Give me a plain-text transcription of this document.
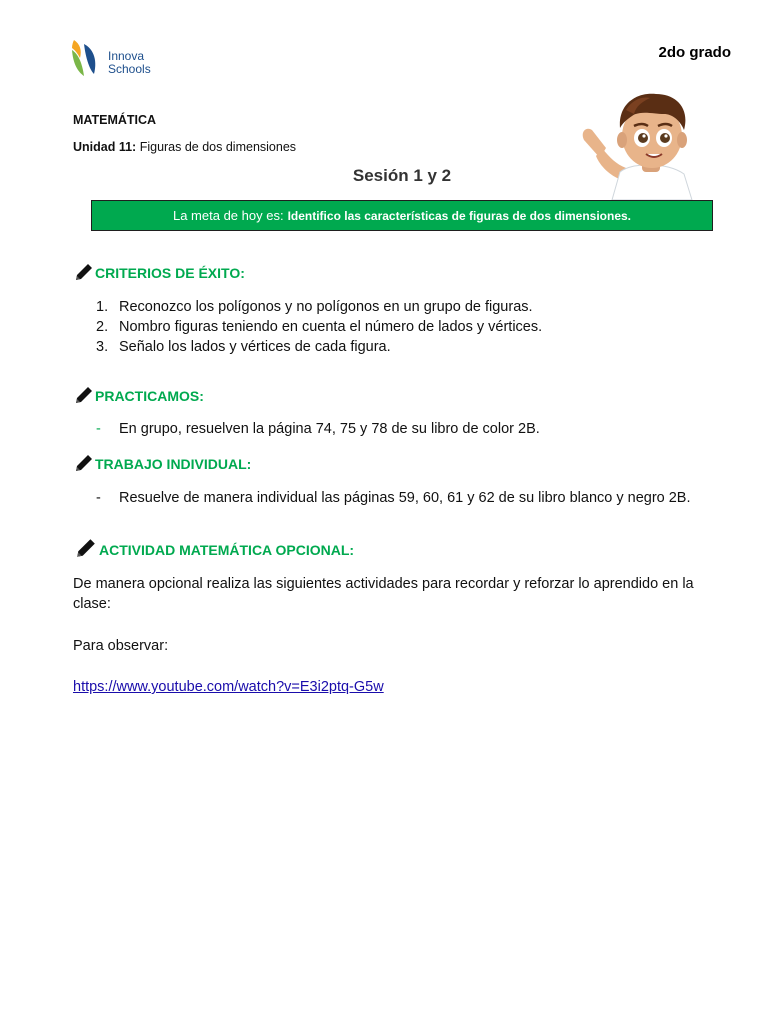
Innova
Schools
2do grado
MATEMÁTICA
Unidad 11: Figuras de dos dimensiones
Sesión 1 y 2
La meta de hoy es: Identifico las características de figuras de dos dimensiones.
CRITERIOS DE ÉXITO:
1. Reconozco los polígonos y no polígonos en un grupo de figuras.
2. Nombro figuras teniendo en cuenta el número de lados y vértices.
3. Señalo los lados y vértices de cada figura.
PRACTICAMOS:
- En grupo, resuelven la página 74, 75 y 78 de su libro de color 2B.
TRABAJO INDIVIDUAL:
- Resuelve de manera individual las páginas 59, 60, 61 y 62 de su libro blanco y negro 2B.
ACTIVIDAD MATEMÁTICA OPCIONAL:
De manera opcional realiza las siguientes actividades para recordar y reforzar lo aprendido en la clase:
Para observar:
https://www.youtube.com/watch?v=E3i2ptq-G5w
